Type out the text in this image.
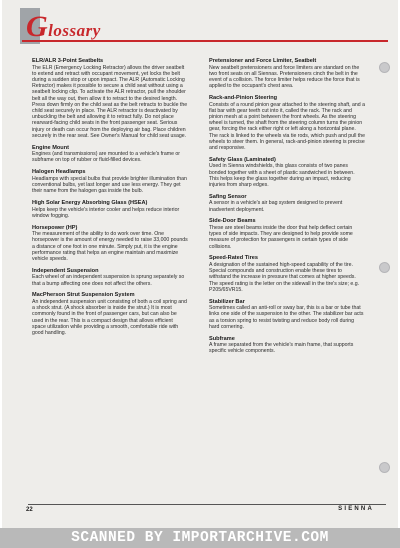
Glossary
ELR/ALR 3-Point Seatbelts
The ELR (Emergency Locking Retractor) allows the driver seatbelt to extend and retract with occupant movement, yet locks the belt during a sudden stop or upon impact. The ALR (Automatic Locking Retractor) makes it possible to secure a child seat without using a seatbelt locking clip. To activate the ALR retractor, pull the shoulder belt all the way out, then allow it to retract to the desired length. Press down firmly on the child seat as the belt retracts to buckle the child seat securely in place. The ALR retractor is deactivated by unbuckling the belt and allowing it to retract fully. Do not place rearward-facing child seats in the front passenger seat. Serious injury or death can occur from the deploying air bag. Place children securely in the rear seat. See Owner's Manual for child seat usage.
Engine Mount
Engines (and transmissions) are mounted to a vehicle's frame or subframe on top of rubber or fluid-filled devices.
Halogen Headlamps
Headlamps with special bulbs that provide brighter illumination than conventional bulbs, yet last longer and use less energy. They get their name from the halogen gas inside the bulb.
High Solar Energy Absorbing Glass (HSEA)
Helps keep the vehicle's interior cooler and helps reduce interior window fogging.
Horsepower (HP)
The measurement of the ability to do work over time. One horsepower is the amount of energy needed to raise 33,000 pounds a distance of one foot in one minute. Simply put, it is the engine performance rating that helps an engine maintain and maximize vehicle speeds.
Independent Suspension
Each wheel of an independent suspension is sprung separately so that a bump affecting one does not affect the others.
MacPherson Strut Suspension System
An independent suspension unit consisting of both a coil spring and a shock strut. (A shock absorber is inside the strut.) It is most commonly found in the front of passenger cars, but can also be used in the rear. This is a compact design that allows efficient space utilization while providing a smooth, comfortable ride with good handling.
Pretensioner and Force Limiter, Seatbelt
New seatbelt pretensioners and force limiters are standard on the two front seats on all Siennas. Pretensioners cinch the belt in the event of a collision. The force limiter helps reduce the force that is applied to the occupant's chest area.
Rack-and-Pinion Steering
Consists of a round pinion gear attached to the steering shaft, and a flat bar with gear teeth cut into it, called the rack. The rack and pinion mesh at a point between the front wheels. As the steering wheel is turned, the shaft from the steering column turns the pinion gear, forcing the rack either right or left along a horizontal plane. The rack is linked to the wheels via tie rods, which push and pull the wheels to steer them. In general, rack-and-pinion steering is precise and responsive.
Safety Glass (Laminated)
Used in Sienna windshields, this glass consists of two panes bonded together with a sheet of plastic sandwiched in between. This helps keep the glass together during an impact, reducing injuries from sharp edges.
Safing Sensor
A sensor in a vehicle's air bag system designed to prevent inadvertent deployment.
Side-Door Beams
These are steel beams inside the door that help deflect certain types of side impacts. They are designed to help provide some measure of protection for passengers in certain types of side collisions.
Speed-Rated Tires
A designation of the sustained high-speed capability of the tire. Special compounds and construction enable these tires to withstand the increase in pressure that comes at higher speeds. The speed rating is the letter on the sidewall in the tire's size; e.g. P205/65VR15.
Stabilizer Bar
Sometimes called an anti-roll or sway bar, this is a bar or tube that links one side of the suspension to the other. The stabilizer bar acts as a torsion spring to resist twisting and reduce body roll during hard cornering.
Subframe
A frame separated from the vehicle's main frame, that supports specific vehicle components.
22	SIENNA
SCANNED BY IMPORTARCHIVE.COM
